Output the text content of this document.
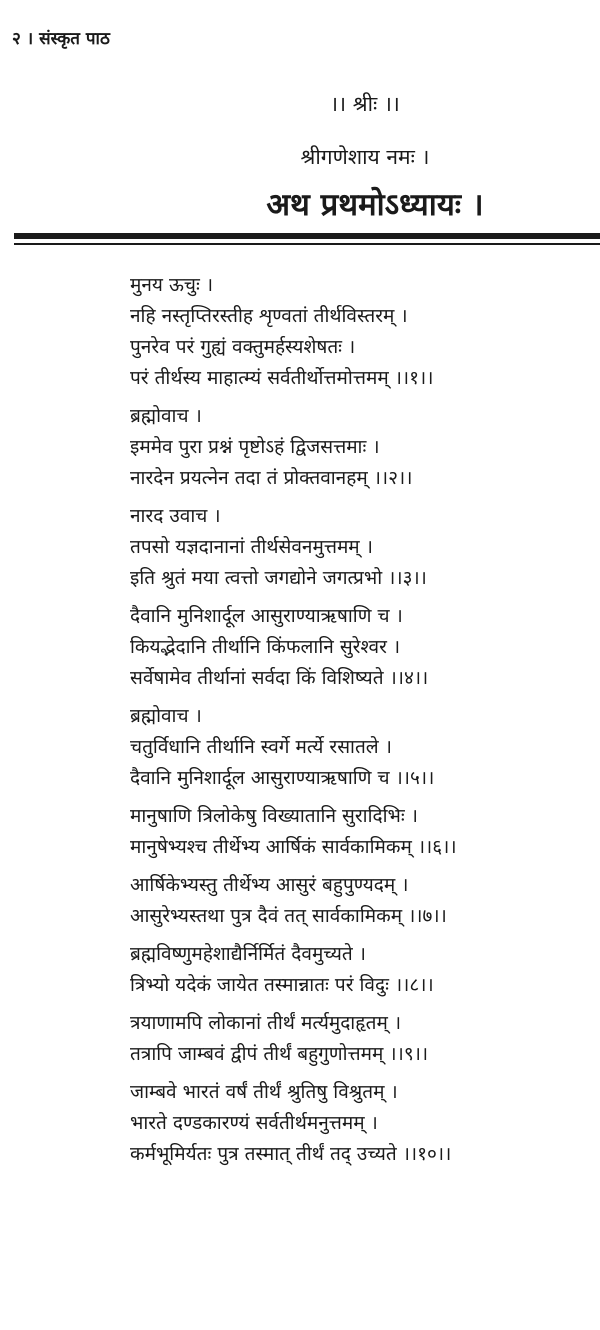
२ । संस्कृत पाठ
।। श्रीः ।।
श्रीगणेशाय नमः ।
अथ प्रथमोऽध्यायः ।
मुनय ऊचुः ।
नहि नस्तृप्तिरस्तीह शृण्वतां तीर्थविस्तरम् ।
पुनरेव परं गुह्यं वक्तुमर्हस्यशेषतः ।
परं तीर्थस्य माहात्म्यं सर्वतीर्थोत्तमोत्तमम् ।।१।।
ब्रह्मोवाच ।
इममेव पुरा प्रश्नं पृष्टोऽहं द्विजसत्तमाः ।
नारदेन प्रयत्नेन तदा तं प्रोक्तवानहम् ।।२।।
नारद उवाच ।
तपसो यज्ञदानानां तीर्थसेवनमुत्तमम् ।
इति श्रुतं मया त्वत्तो जगद्योने जगत्प्रभो ।।३।।
दैवानि मुनिशार्दूल आसुराण्याऋषाणि च ।
कियद्भेदानि तीर्थानि किंफलानि सुरेश्वर ।
सर्वेषामेव तीर्थानां सर्वदा किं विशिष्यते ।।४।।
ब्रह्मोवाच ।
चतुर्विधानि तीर्थानि स्वर्गे मर्त्ये रसातले ।
दैवानि मुनिशार्दूल आसुराण्याऋषाणि च ।।५।।
मानुषाणि त्रिलोकेषु विख्यातानि सुरादिभिः ।
मानुषेभ्यश्च तीर्थेभ्य आर्षिकं सार्वकामिकम् ।।६।।
आर्षिकेभ्यस्तु तीर्थेभ्य आसुरं बहुपुण्यदम् ।
आसुरेभ्यस्तथा पुत्र दैवं तत् सार्वकामिकम् ।।७।।
ब्रह्मविष्णुमहेशाद्यैर्निर्मितं दैवमुच्यते ।
त्रिभ्यो यदेकं जायेत तस्मान्नातः परं विदुः ।।८।।
त्रयाणामपि लोकानां तीर्थं मर्त्यमुदाहृतम् ।
तत्रापि जाम्बवं द्वीपं तीर्थं बहुगुणोत्तमम् ।।९।।
जाम्बवे भारतं वर्षं तीर्थं श्रुतिषु विश्रुतम् ।
भारते दण्डकारण्यं सर्वतीर्थमनुत्तमम् ।
कर्मभूमिर्यतः पुत्र तस्मात् तीर्थं तद् उच्यते ।।१०।।
